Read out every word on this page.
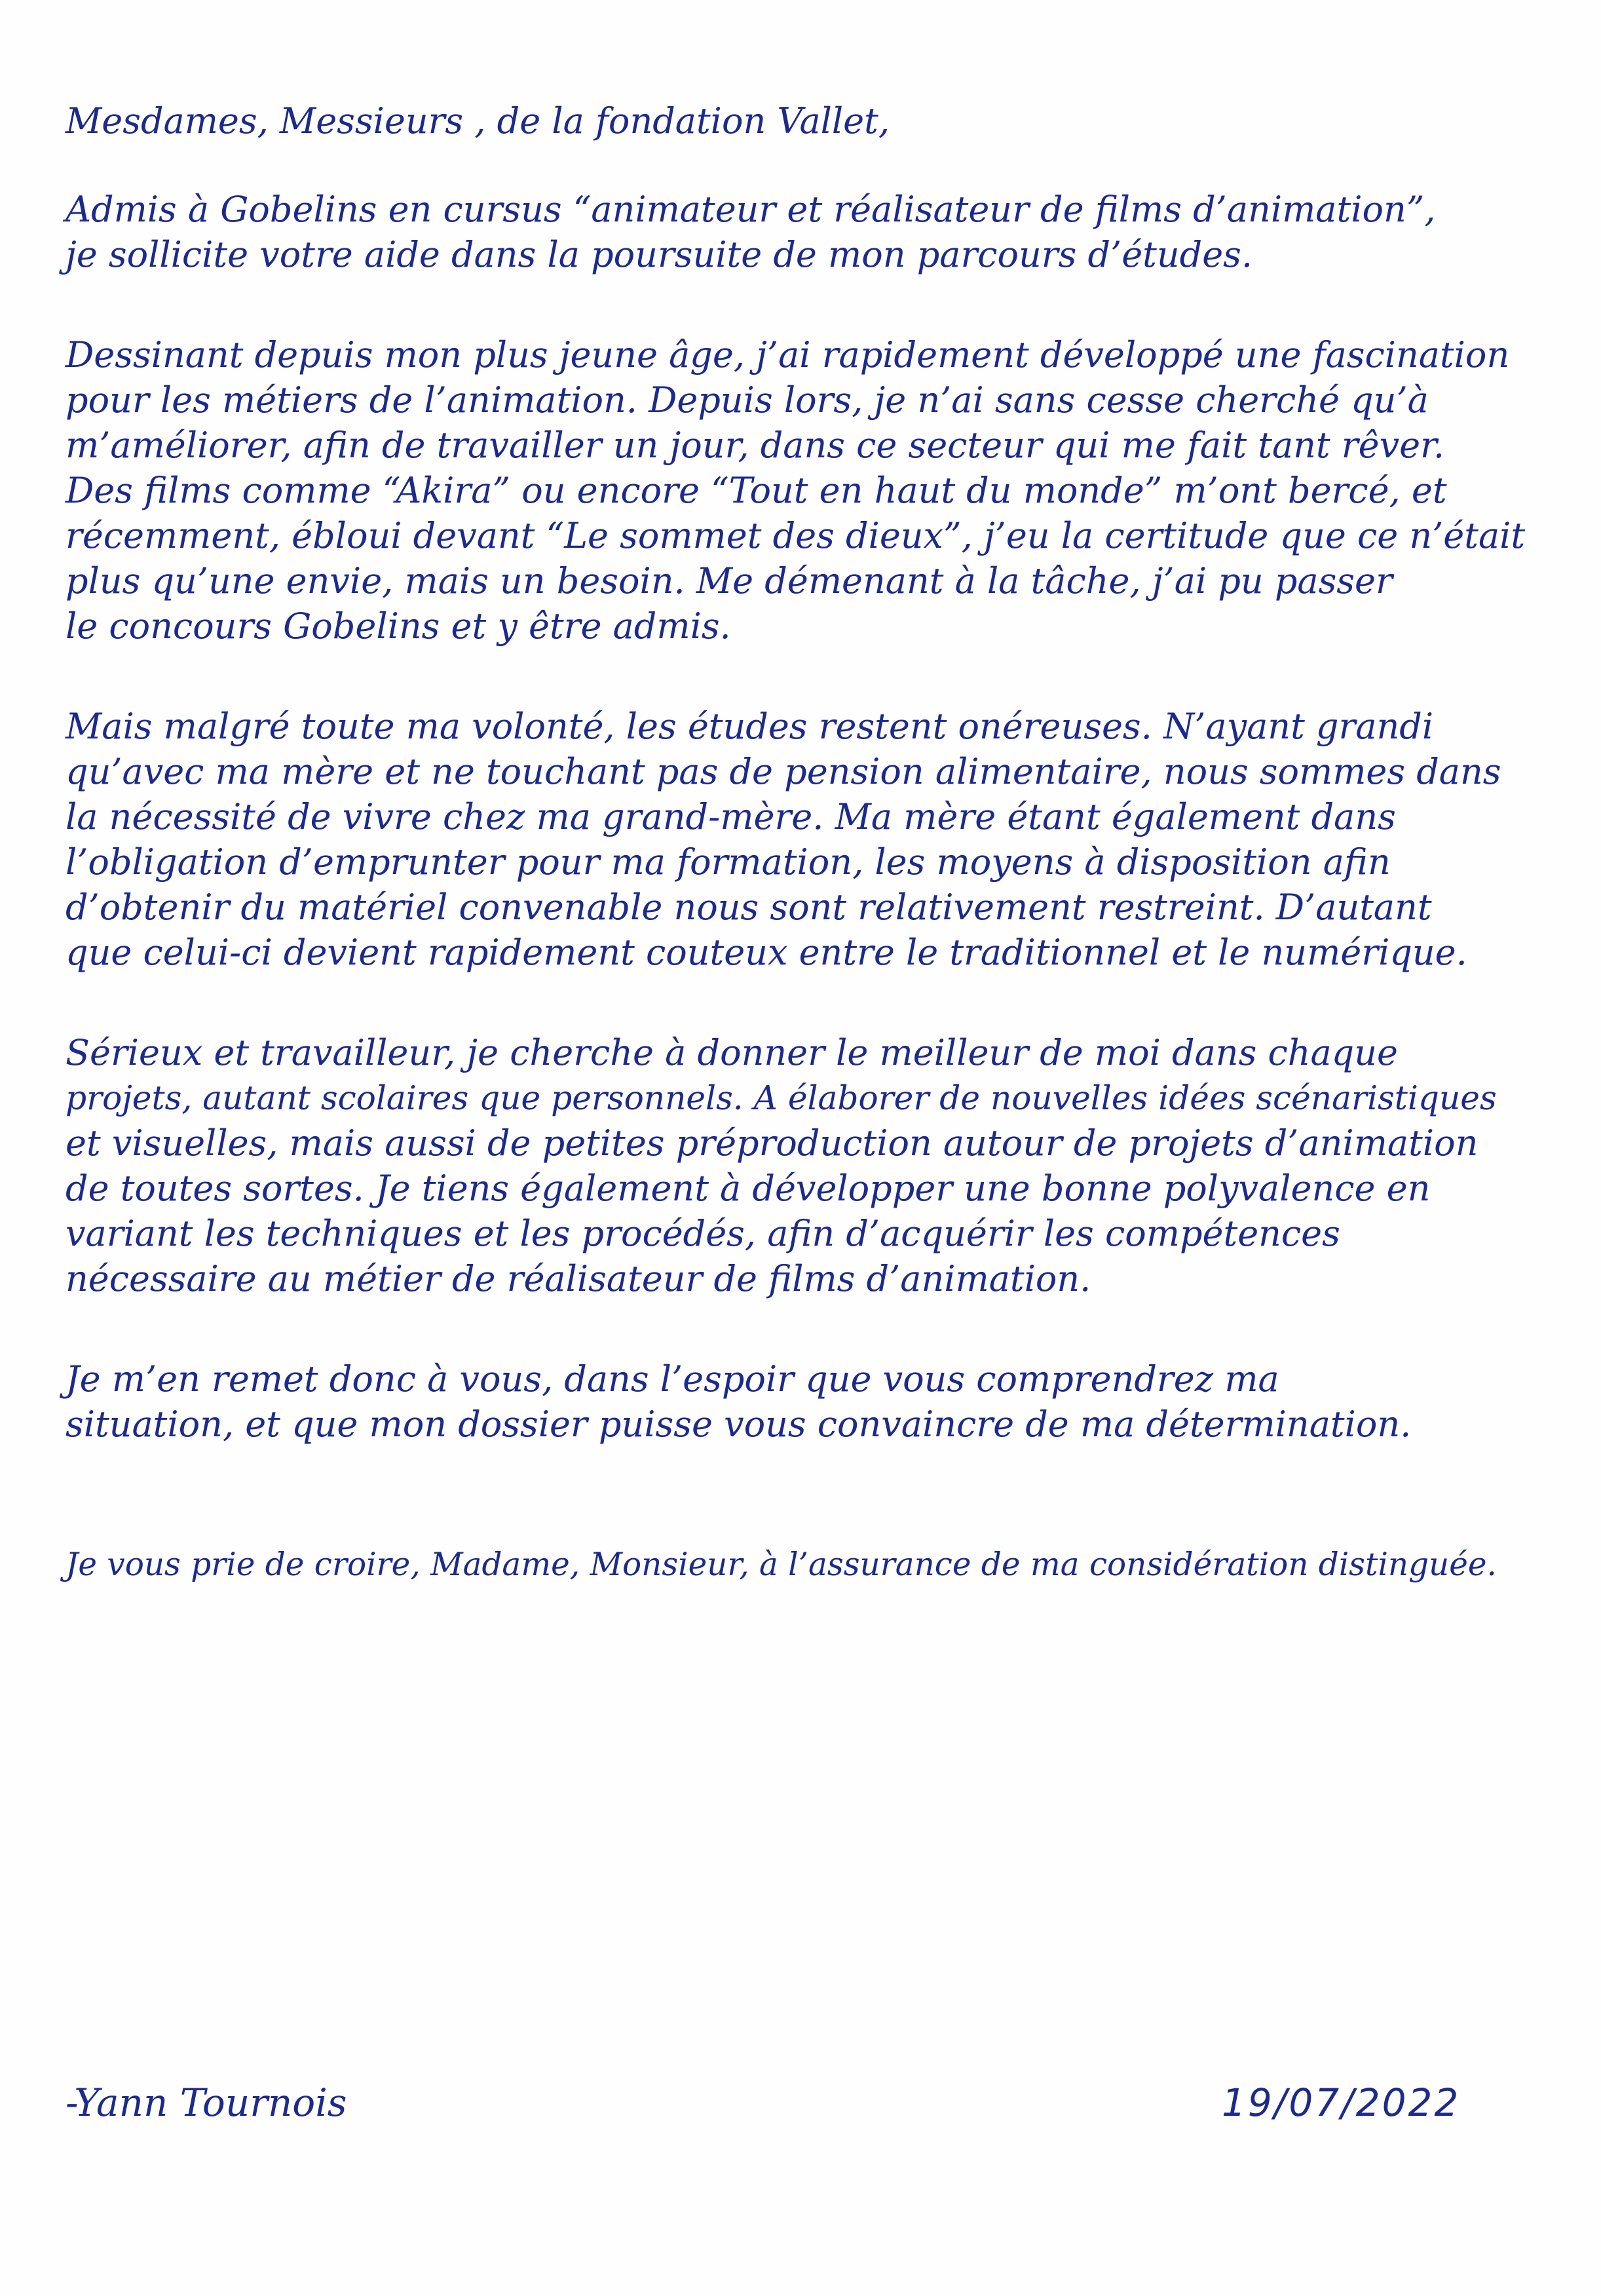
Mesdames, Messieurs , de la fondation Vallet,

Admis à Gobelins en cursus “animateur et réalisateur de films d’animation”,
je sollicite votre aide dans la poursuite de mon parcours d’études.

Dessinant depuis mon plus jeune âge, j’ai rapidement développé une fascination
pour les métiers de l’animation. Depuis lors, je n’ai sans cesse cherché qu’à
m’améliorer, afin de travailler un jour, dans ce secteur qui me fait tant rêver.
Des films comme “Akira” ou encore “Tout en haut du monde” m’ont bercé, et
récemment, ébloui devant “Le sommet des dieux”, j’eu la certitude que ce n’était
plus qu’une envie, mais un besoin. Me démenant à la tâche, j’ai pu passer
le concours Gobelins et y être admis.

Mais malgré toute ma volonté, les études restent onéreuses. N’ayant grandi
qu’avec ma mère et ne touchant pas de pension alimentaire, nous sommes dans
la nécessité de vivre chez ma grand-mère. Ma mère étant également dans
l’obligation d’emprunter pour ma formation, les moyens à disposition afin
d’obtenir du matériel convenable nous sont relativement restreint. D’autant
que celui-ci devient rapidement couteux entre le traditionnel et le numérique.

Sérieux et travailleur, je cherche à donner le meilleur de moi dans chaque
projets, autant scolaires que personnels. A élaborer de nouvelles idées scénaristiques
et visuelles, mais aussi de petites préproduction autour de projets d’animation
de toutes sortes. Je tiens également à développer une bonne polyvalence en
variant les techniques et les procédés, afin d’acquérir les compétences
nécessaire au métier de réalisateur de films d’animation.

Je m’en remet donc à vous, dans l’espoir que vous comprendrez ma
situation, et que mon dossier puisse vous convaincre de ma détermination.

Je vous prie de croire, Madame, Monsieur, à l’assurance de ma considération distinguée.

-Yann Tournois	19/07/2022
